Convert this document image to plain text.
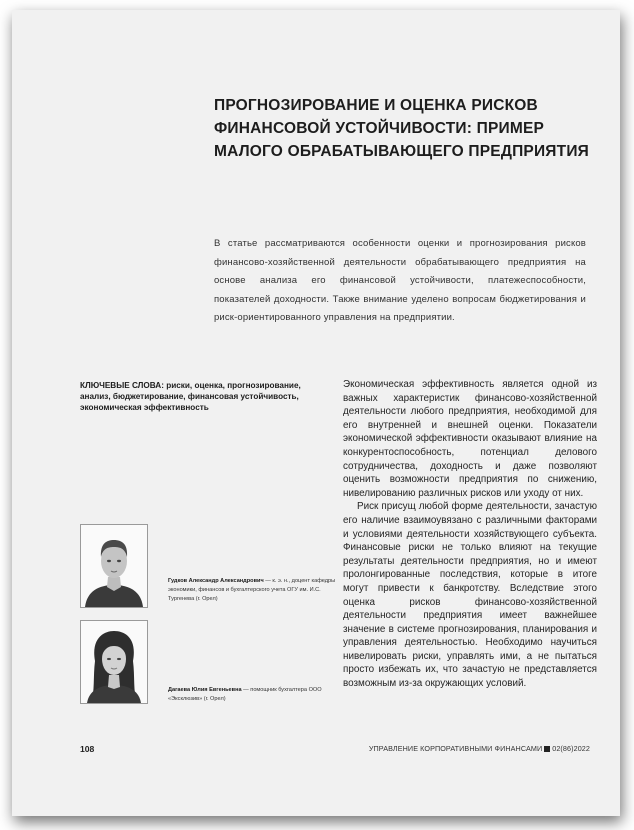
ПРОГНОЗИРОВАНИЕ И ОЦЕНКА РИСКОВ
ФИНАНСОВОЙ УСТОЙЧИВОСТИ: ПРИМЕР
МАЛОГО ОБРАБАТЫВАЮЩЕГО ПРЕДПРИЯТИЯ

В статье рассматриваются особенности оценки и прогнозирования рисков финансово-хозяйственной деятельности обрабатывающего предприятия на основе анализа его финансовой устойчивости, платежеспособности, показателей доходности. Также внимание уделено вопросам бюджетирования и риск-ориентированного управления на предприятии.

КЛЮЧЕВЫЕ СЛОВА: риски, оценка, прогнозирование, анализ, бюджетирование, финансовая устойчивость, экономическая эффективность

Экономическая эффективность является одной из важных характеристик финансово-хозяйственной деятельности любого предприятия, необходимой для его внутренней и внешней оценки. Показатели экономической эффективности оказывают влияние на конкурентоспособность, потенциал делового сотрудничества, доходность и даже позволяют оценить возможности предприятия по снижению, нивелированию различных рисков или уходу от них.

Риск присущ любой форме деятельности, зачастую его наличие взаимоувязано с различными факторами и условиями деятельности хозяйствующего субъекта. Финансовые риски не только влияют на текущие результаты деятельности предприятия, но и имеют пролонгированные последствия, которые в итоге могут привести к банкротству. Вследствие этого оценка рисков финансово-хозяйственной деятельности предприятия имеет важнейшее значение в системе прогнозирования, планирования и управления деятельностью. Необходимо научиться нивелировать риски, управлять ими, а не пытаться просто избежать их, что зачастую не представляется возможным из-за окружающих условий.

Гудков Александр Александрович — к. э. н., доцент кафедры экономики, финансов и бухгалтерского учета ОГУ им. И.С. Тургенева (г. Орел)
Дагаева Юлия Евгеньевна — помощник бухгалтера ООО «Эксклюзив» (г. Орел)
108	УПРАВЛЕНИЕ КОРПОРАТИВНЫМИ ФИНАНСАМИ 02(86)2022
